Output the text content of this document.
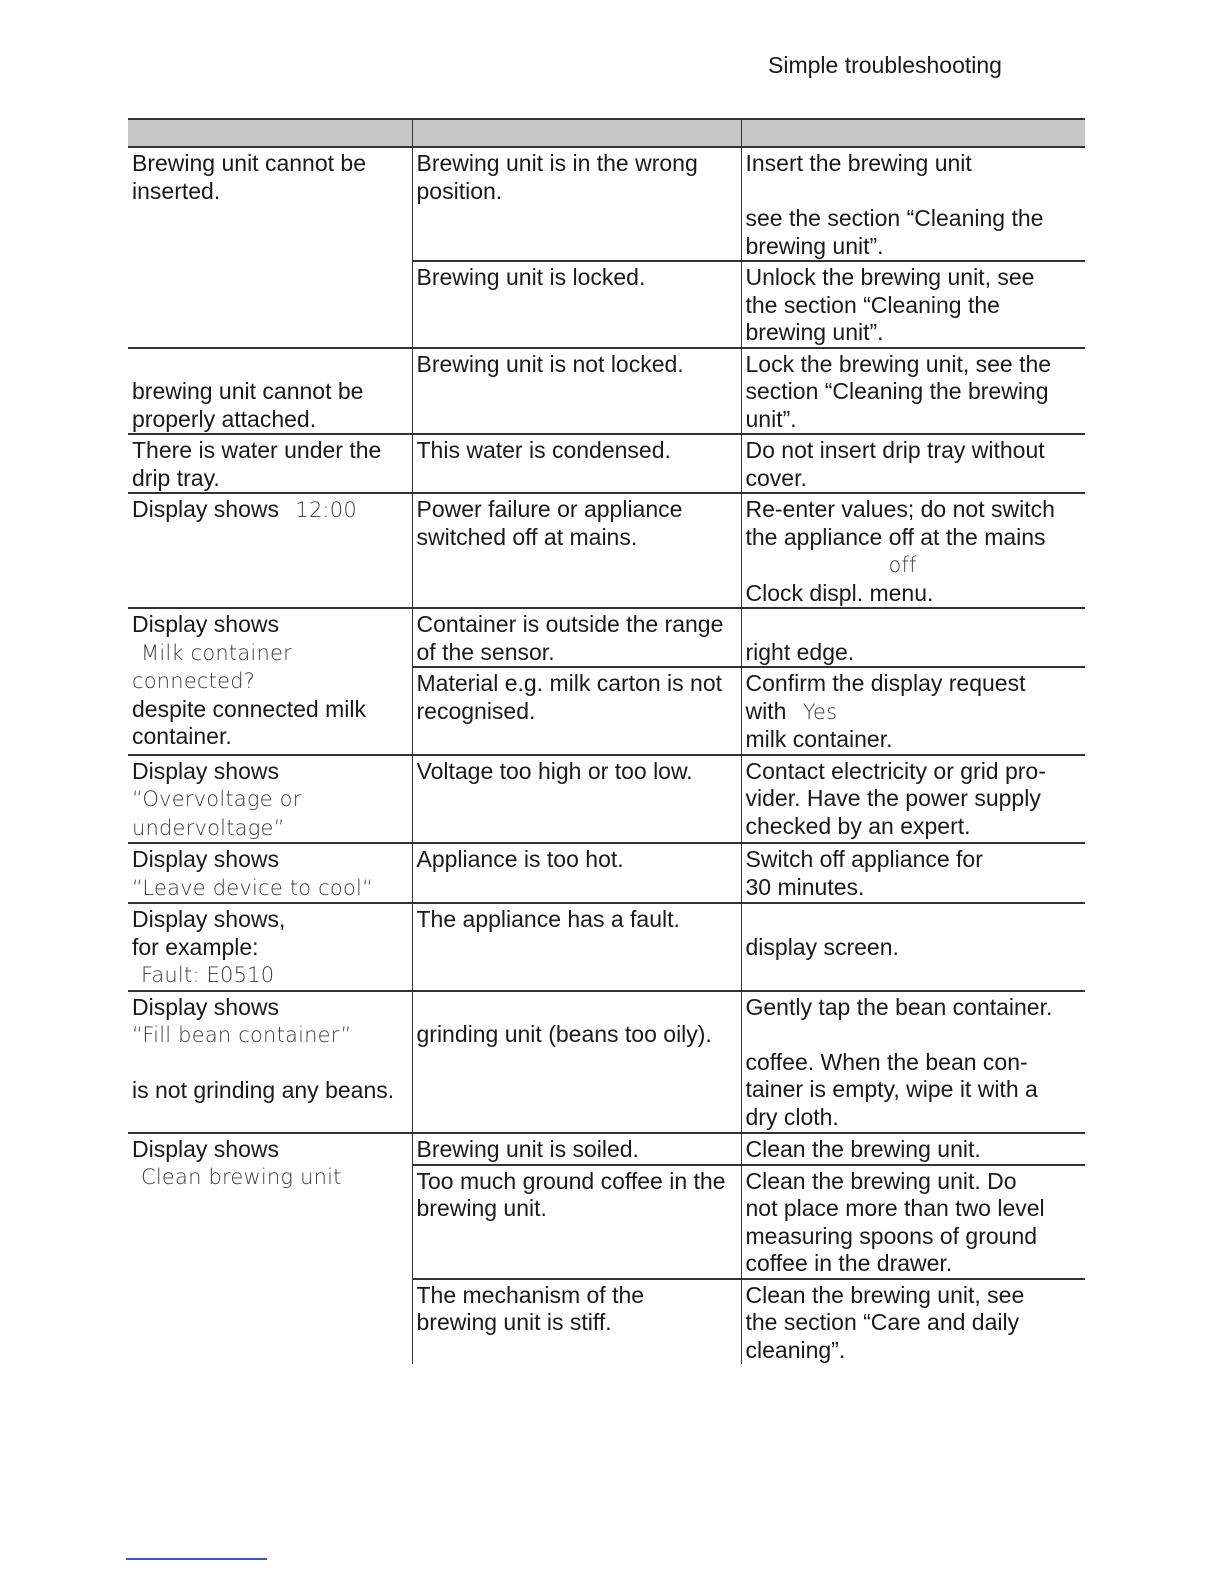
Simple troubleshooting

Brewing unit cannot be
inserted.	Brewing unit is in the wrong
position.	Insert the brewing unit
see the section “Cleaning the
brewing unit”.

	Brewing unit is locked.	Unlock the brewing unit, see
the section “Cleaning the
brewing unit”.

brewing unit cannot be
properly attached.	Brewing unit is not locked.	Lock the brewing unit, see the
section “Cleaning the brewing
unit”.

There is water under the
drip tray.	This water is condensed.	Do not insert drip tray without
cover.

Display shows 12:00	Power failure or appliance
switched off at mains.	Re-enter values; do not switch
the appliance off at the mains
off
Clock displ. menu.

Display shows
Milk container
connected?
despite connected milk
container.	Container is outside the range
of the sensor.	right edge.

	Material e.g. milk carton is not
recognised.	Confirm the display request
with Yes
milk container.

Display shows
“Overvoltage or
undervoltage”	Voltage too high or too low.	Contact electricity or grid pro-
vider. Have the power supply
checked by an expert.

Display shows
“Leave device to cool“	Appliance is too hot.	Switch off appliance for
30 minutes.

Display shows,
for example:
Fault: E0510	The appliance has a fault.	display screen.

Display shows
“Fill bean container”
is not grinding any beans.	grinding unit (beans too oily).	Gently tap the bean container.
coffee. When the bean con-
tainer is empty, wipe it with a
dry cloth.

Display shows
Clean brewing unit	Brewing unit is soiled.	Clean the brewing unit.

	Too much ground coffee in the
brewing unit.	Clean the brewing unit. Do
not place more than two level
measuring spoons of ground
coffee in the drawer.

	The mechanism of the
brewing unit is stiff.	Clean the brewing unit, see
the section “Care and daily
cleaning”.
